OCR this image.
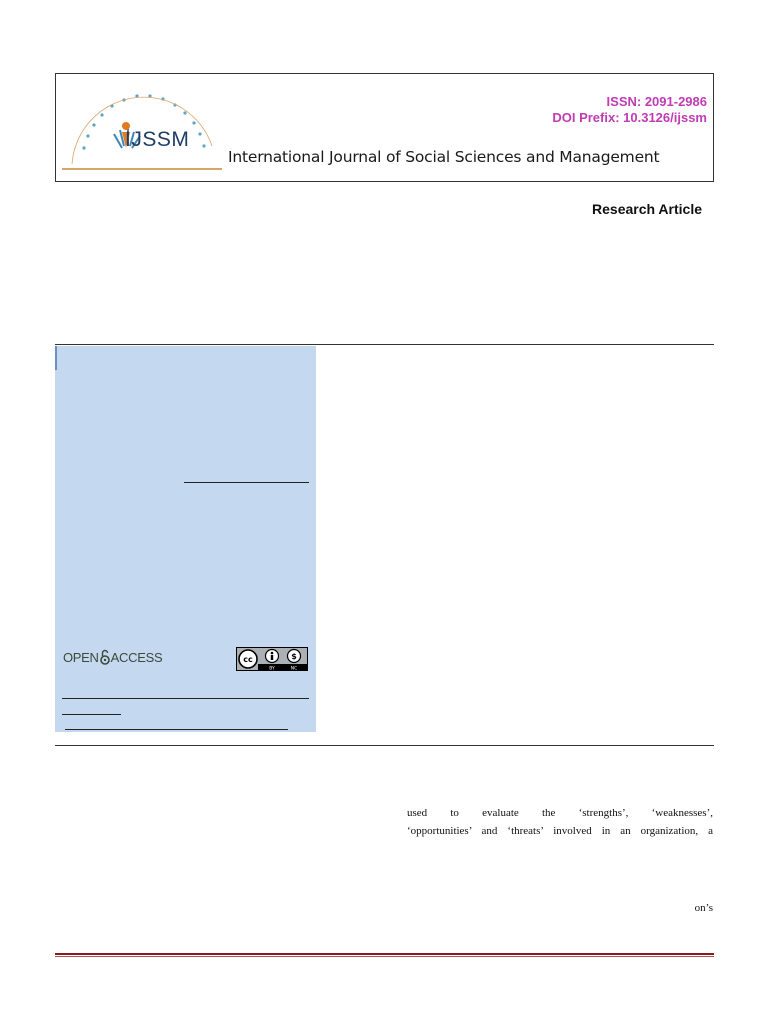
IJSSM
ISSN: 2091-2986
DOI Prefix: 10.3126/ijssm
International Journal of Social Sciences and Management
Research Article
OPEN ACCESS	cc	$
BY	NC
used to evaluate the ‘strengths’, ‘weaknesses’,
‘opportunities’ and ‘threats’ involved in an organization, a
on’s
